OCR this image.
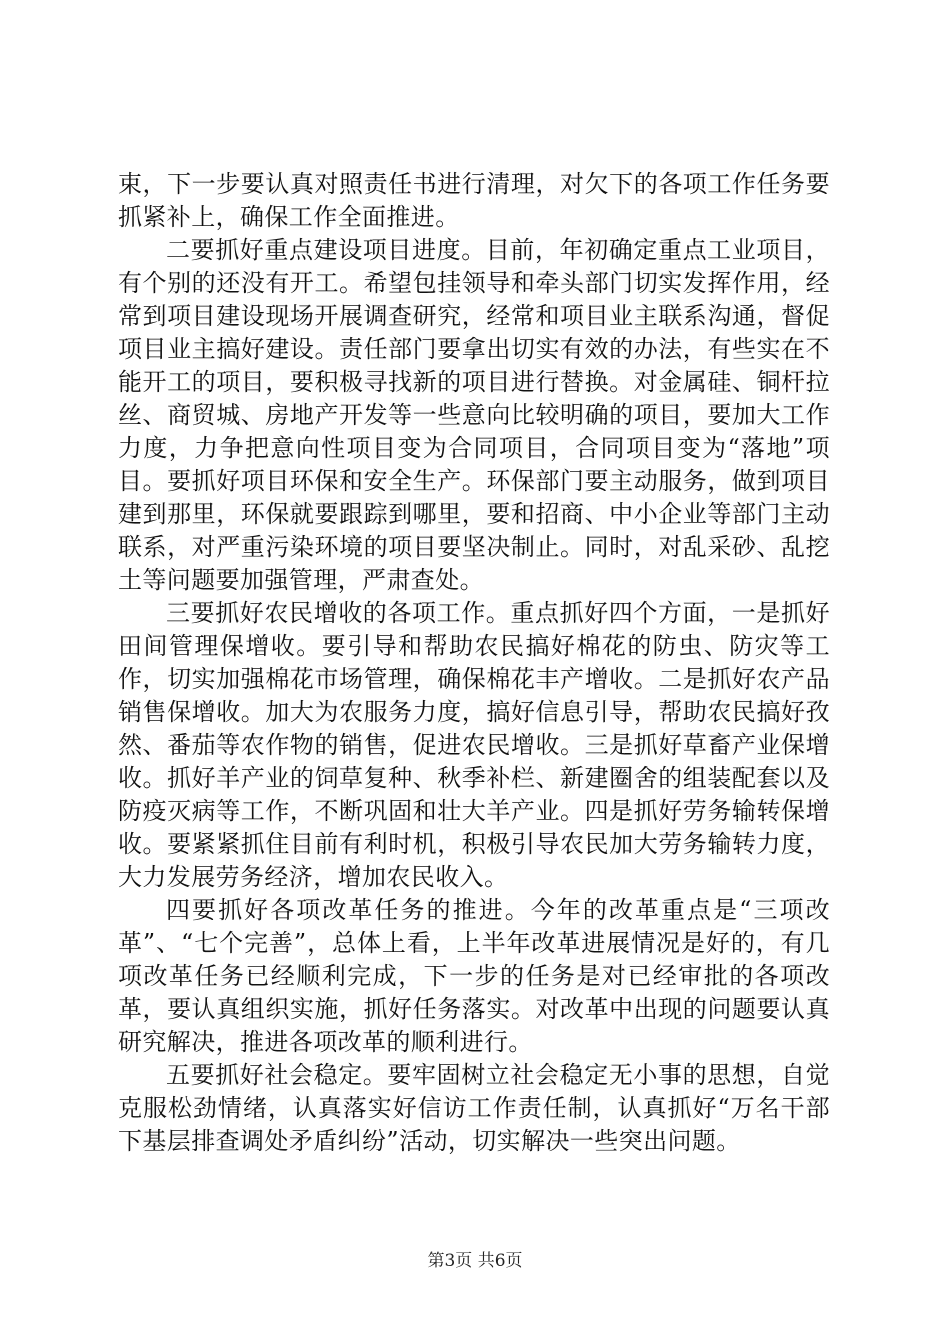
束，下一步要认真对照责任书进行清理，对欠下的各项工作任务要抓紧补上，确保工作全面推进。

二要抓好重点建设项目进度。目前，年初确定重点工业项目，有个别的还没有开工。希望包挂领导和牵头部门切实发挥作用，经常到项目建设现场开展调查研究，经常和项目业主联系沟通，督促项目业主搞好建设。责任部门要拿出切实有效的办法，有些实在不能开工的项目，要积极寻找新的项目进行替换。对金属硅、铜杆拉丝、商贸城、房地产开发等一些意向比较明确的项目，要加大工作力度，力争把意向性项目变为合同项目，合同项目变为“落地”项目。要抓好项目环保和安全生产。环保部门要主动服务，做到项目建到那里，环保就要跟踪到哪里，要和招商、中小企业等部门主动联系，对严重污染环境的项目要坚决制止。同时，对乱采砂、乱挖土等问题要加强管理，严肃查处。

三要抓好农民增收的各项工作。重点抓好四个方面，一是抓好田间管理保增收。要引导和帮助农民搞好棉花的防虫、防灾等工作，切实加强棉花市场管理，确保棉花丰产增收。二是抓好农产品销售保增收。加大为农服务力度，搞好信息引导，帮助农民搞好孜然、番茄等农作物的销售，促进农民增收。三是抓好草畜产业保增收。抓好羊产业的饲草复种、秋季补栏、新建圈舍的组装配套以及防疫灭病等工作，不断巩固和壮大羊产业。四是抓好劳务输转保增收。要紧紧抓住目前有利时机，积极引导农民加大劳务输转力度，大力发展劳务经济，增加农民收入。

四要抓好各项改革任务的推进。今年的改革重点是“三项改革”、“七个完善”，总体上看，上半年改革进展情况是好的，有几项改革任务已经顺利完成，下一步的任务是对已经审批的各项改革，要认真组织实施，抓好任务落实。对改革中出现的问题要认真研究解决，推进各项改革的顺利进行。

五要抓好社会稳定。要牢固树立社会稳定无小事的思想，自觉克服松劲情绪，认真落实好信访工作责任制，认真抓好“万名干部下基层排查调处矛盾纠纷”活动，切实解决一些突出问题。

第3页 共6页
